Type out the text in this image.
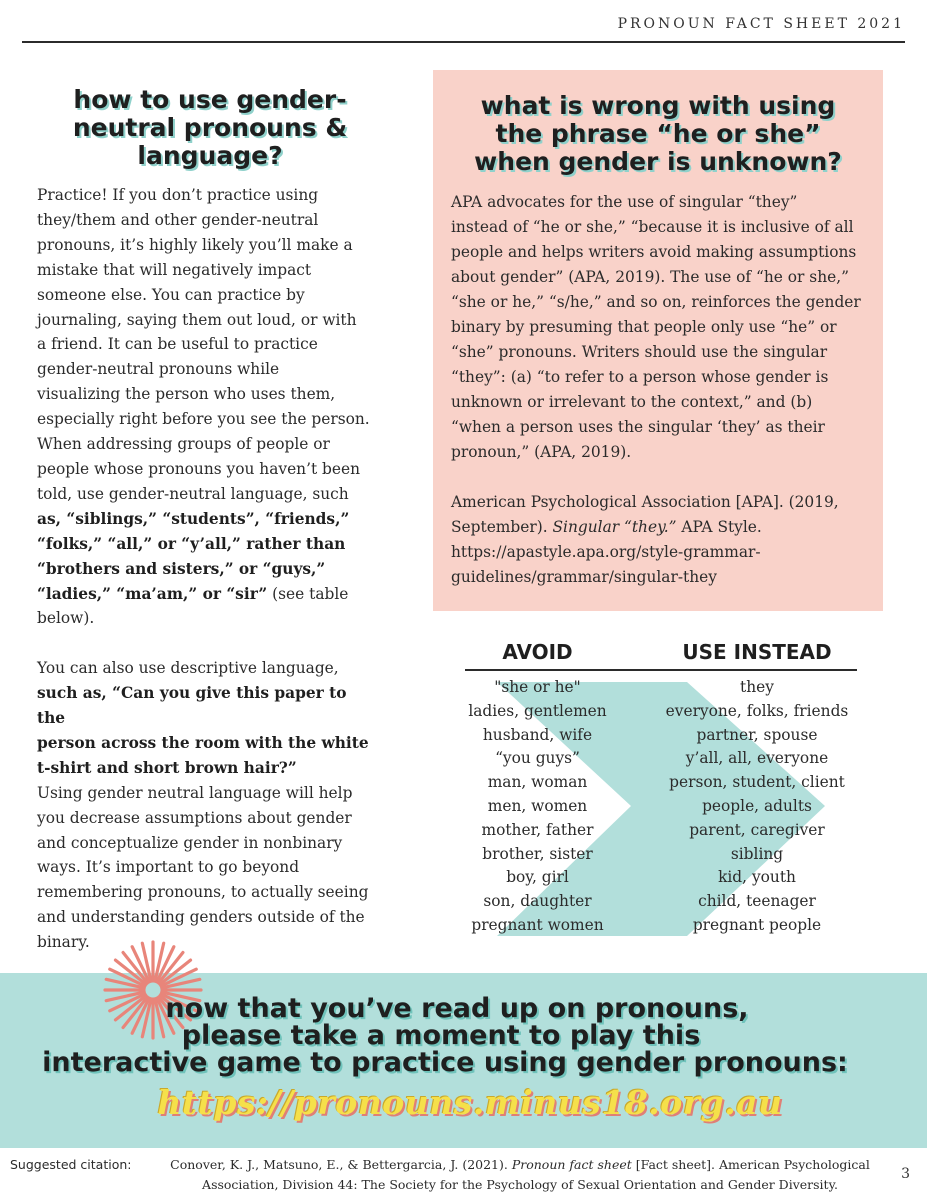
PRONOUN FACT SHEET 2021
how to use gender-
neutral pronouns &
language?

Practice! If you don’t practice using

they/them and other gender-neutral

pronouns, it’s highly likely you’ll make a

mistake that will negatively impact

someone else. You can practice by

journaling, saying them out loud, or with

a friend. It can be useful to practice

gender-neutral pronouns while

visualizing the person who uses them,

especially right before you see the person.

When addressing groups of people or

people whose pronouns you haven’t been

told, use gender-neutral language, such

as, “siblings,” “students”, “friends,”

“folks,” “all,” or “y’all,” rather than

“brothers and sisters,” or “guys,”

“ladies,” “ma’am,” or “sir” (see table

below).

You can also use descriptive language,

such as, “Can you give this paper to the

person across the room with the white

t-shirt and short brown hair?”

Using gender neutral language will help

you decrease assumptions about gender

and conceptualize gender in nonbinary

ways. It’s important to go beyond

remembering pronouns, to actually seeing

and understanding genders outside of the

binary.

what is wrong with using
the phrase “he or she”
when gender is unknown?

APA advocates for the use of singular “they”

instead of “he or she,” “because it is inclusive of all

people and helps writers avoid making assumptions

about gender” (APA, 2019). The use of “he or she,”

“she or he,” “s/he,” and so on, reinforces the gender

binary by presuming that people only use “he” or

“she” pronouns. Writers should use the singular

“they”: (a) “to refer to a person whose gender is

unknown or irrelevant to the context,” and (b)

“when a person uses the singular ‘they’ as their

pronoun,” (APA, 2019).

American Psychological Association [APA]. (2019,

September). Singular “they.” APA Style.

https://apastyle.apa.org/style-grammar-

guidelines/grammar/singular-they

AVOID	USE INSTEAD
"she or he"	they
ladies, gentlemen	everyone, folks, friends
husband, wife	partner, spouse
“you guys”	y’all, all, everyone
man, woman	person, student, client
men, women	people, adults
mother, father	parent, caregiver
brother, sister	sibling
boy, girl	kid, youth
son, daughter	child, teenager
pregnant women	pregnant people
now that you’ve read up on pronouns,
please take a moment to play this
interactive game to practice using gender pronouns:
https://pronouns.minus18.org.au
Suggested citation:	Conover, K. J., Matsuno, E., & Bettergarcia, J. (2021). Pronoun fact sheet [Fact sheet]. American Psychological
Association, Division 44: The Society for the Psychology of Sexual Orientation and Gender Diversity.
3
